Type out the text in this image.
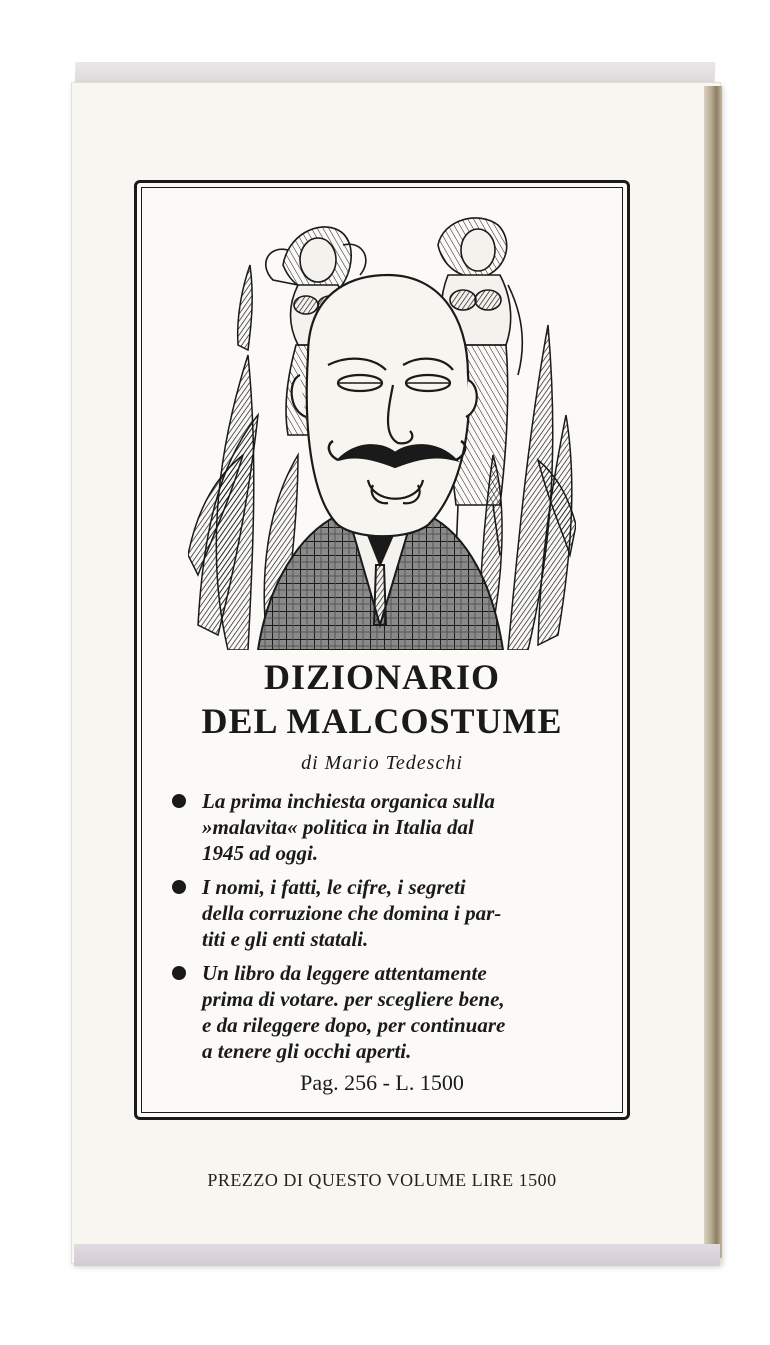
DIZIONARIO
DEL MALCOSTUME
di Mario Tedeschi
La prima inchiesta organica sulla
»malavita« politica in Italia dal
1945 ad oggi.
I nomi, i fatti, le cifre, i segreti
della corruzione che domina i par-
titi e gli enti statali.
Un libro da leggere attentamente
prima di votare. per scegliere bene,
e da rileggere dopo, per continuare
a tenere gli occhi aperti.
Pag. 256 - L. 1500
PREZZO DI QUESTO VOLUME LIRE 1500
